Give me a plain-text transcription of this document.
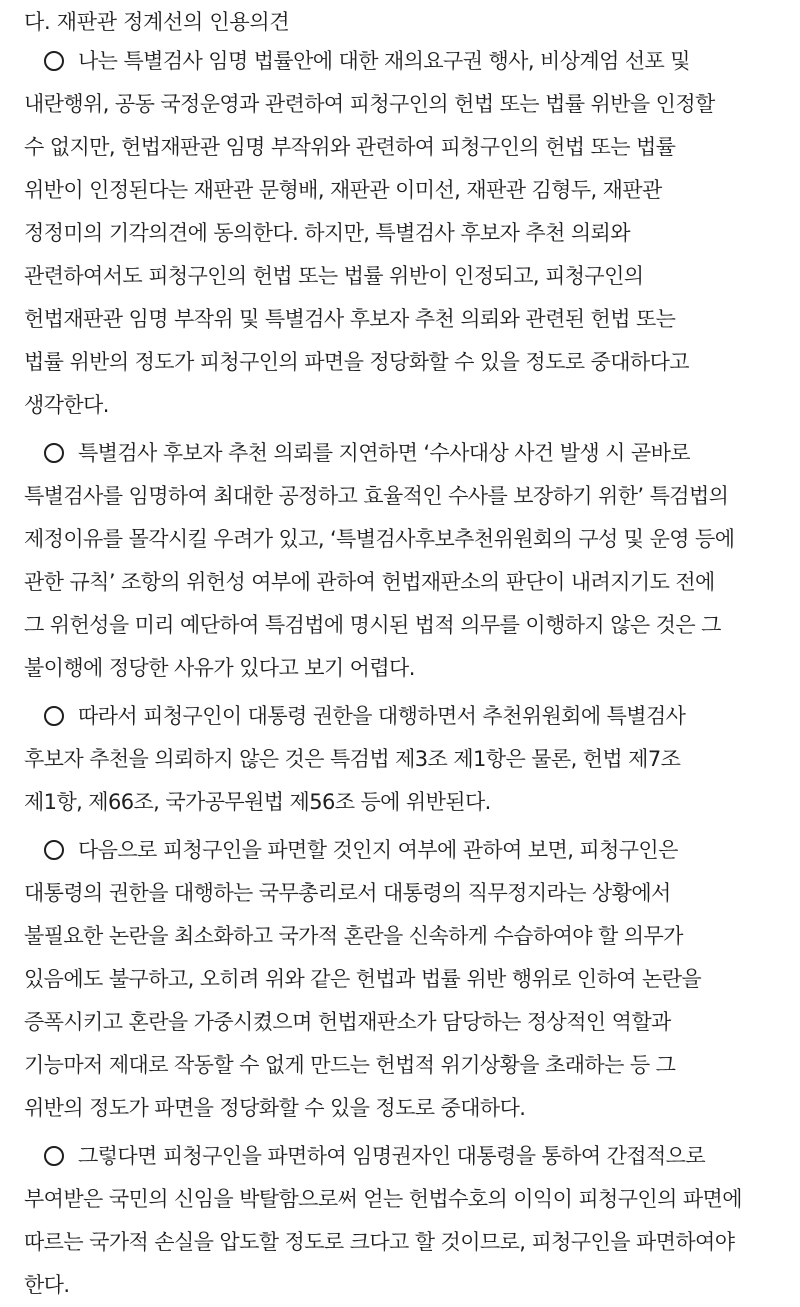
다. 재판관 정계선의 인용의견

나는 특별검사 임명 법률안에 대한 재의요구권 행사, 비상계엄 선포 및
내란행위, 공동 국정운영과 관련하여 피청구인의 헌법 또는 법률 위반을 인정할
수 없지만, 헌법재판관 임명 부작위와 관련하여 피청구인의 헌법 또는 법률
위반이 인정된다는 재판관 문형배, 재판관 이미선, 재판관 김형두, 재판관
정정미의 기각의견에 동의한다. 하지만, 특별검사 후보자 추천 의뢰와
관련하여서도 피청구인의 헌법 또는 법률 위반이 인정되고, 피청구인의
헌법재판관 임명 부작위 및 특별검사 후보자 추천 의뢰와 관련된 헌법 또는
법률 위반의 정도가 피청구인의 파면을 정당화할 수 있을 정도로 중대하다고
생각한다.
특별검사 후보자 추천 의뢰를 지연하면 ‘수사대상 사건 발생 시 곧바로
특별검사를 임명하여 최대한 공정하고 효율적인 수사를 보장하기 위한’ 특검법의
제정이유를 몰각시킬 우려가 있고, ‘특별검사후보추천위원회의 구성 및 운영 등에
관한 규칙’ 조항의 위헌성 여부에 관하여 헌법재판소의 판단이 내려지기도 전에
그 위헌성을 미리 예단하여 특검법에 명시된 법적 의무를 이행하지 않은 것은 그
불이행에 정당한 사유가 있다고 보기 어렵다.
따라서 피청구인이 대통령 권한을 대행하면서 추천위원회에 특별검사
후보자 추천을 의뢰하지 않은 것은 특검법 제3조 제1항은 물론, 헌법 제7조
제1항, 제66조, 국가공무원법 제56조 등에 위반된다.
다음으로 피청구인을 파면할 것인지 여부에 관하여 보면, 피청구인은
대통령의 권한을 대행하는 국무총리로서 대통령의 직무정지라는 상황에서
불필요한 논란을 최소화하고 국가적 혼란을 신속하게 수습하여야 할 의무가
있음에도 불구하고, 오히려 위와 같은 헌법과 법률 위반 행위로 인하여 논란을
증폭시키고 혼란을 가중시켰으며 헌법재판소가 담당하는 정상적인 역할과
기능마저 제대로 작동할 수 없게 만드는 헌법적 위기상황을 초래하는 등 그
위반의 정도가 파면을 정당화할 수 있을 정도로 중대하다.
그렇다면 피청구인을 파면하여 임명권자인 대통령을 통하여 간접적으로
부여받은 국민의 신임을 박탈함으로써 얻는 헌법수호의 이익이 피청구인의 파면에
따르는 국가적 손실을 압도할 정도로 크다고 할 것이므로, 피청구인을 파면하여야
한다.
